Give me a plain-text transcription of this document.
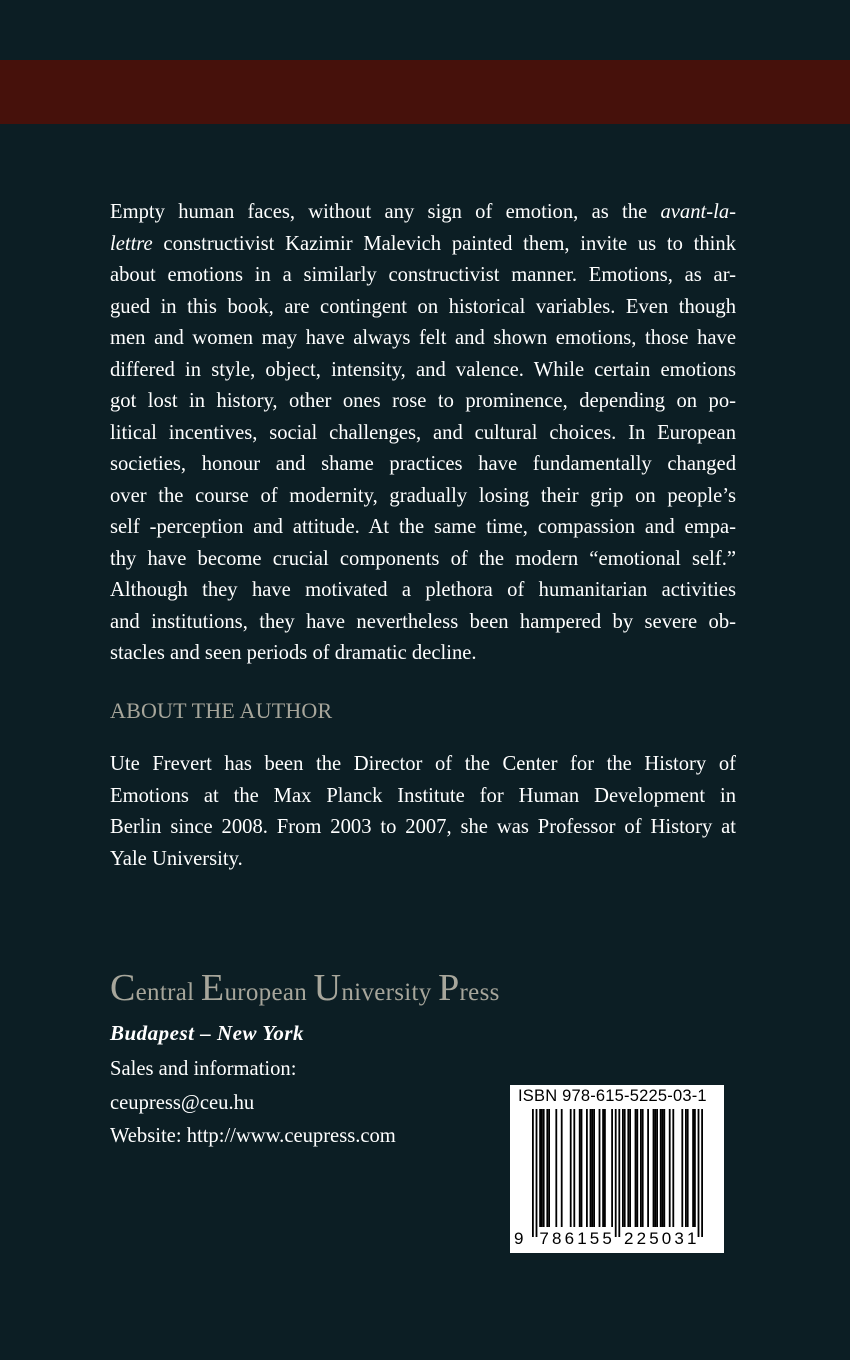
Empty human faces, without any sign of emotion, as the avant-la-
lettre constructivist Kazimir Malevich painted them, invite us to think
about emotions in a similarly constructivist manner. Emotions, as ar-
gued in this book, are contingent on historical variables. Even though
men and women may have always felt and shown emotions, those have
differed in style, object, intensity, and valence. While certain emotions
got lost in history, other ones rose to prominence, depending on po-
litical incentives, social challenges, and cultural choices. In European
societies, honour and shame practices have fundamentally changed
over the course of modernity, gradually losing their grip on people’s
self -perception and attitude. At the same time, compassion and empa-
thy have become crucial components of the modern “emotional self.”
Although they have motivated a plethora of humanitarian activities
and institutions, they have nevertheless been hampered by severe ob-
stacles and seen periods of dramatic decline.
ABOUT THE AUTHOR
Ute Frevert has been the Director of the Center for the History of
Emotions at the Max Planck Institute for Human Development in
Berlin since 2008. From 2003 to 2007, she was Professor of History at
Yale University.
Central European University Press

Budapest – New York

Sales and information:

ceupress@ceu.hu

Website: http://www.ceupress.com

ISBN 978-615-5225-03-1

9 7 8 6 1 5 5 2 2 5 0 3 1
